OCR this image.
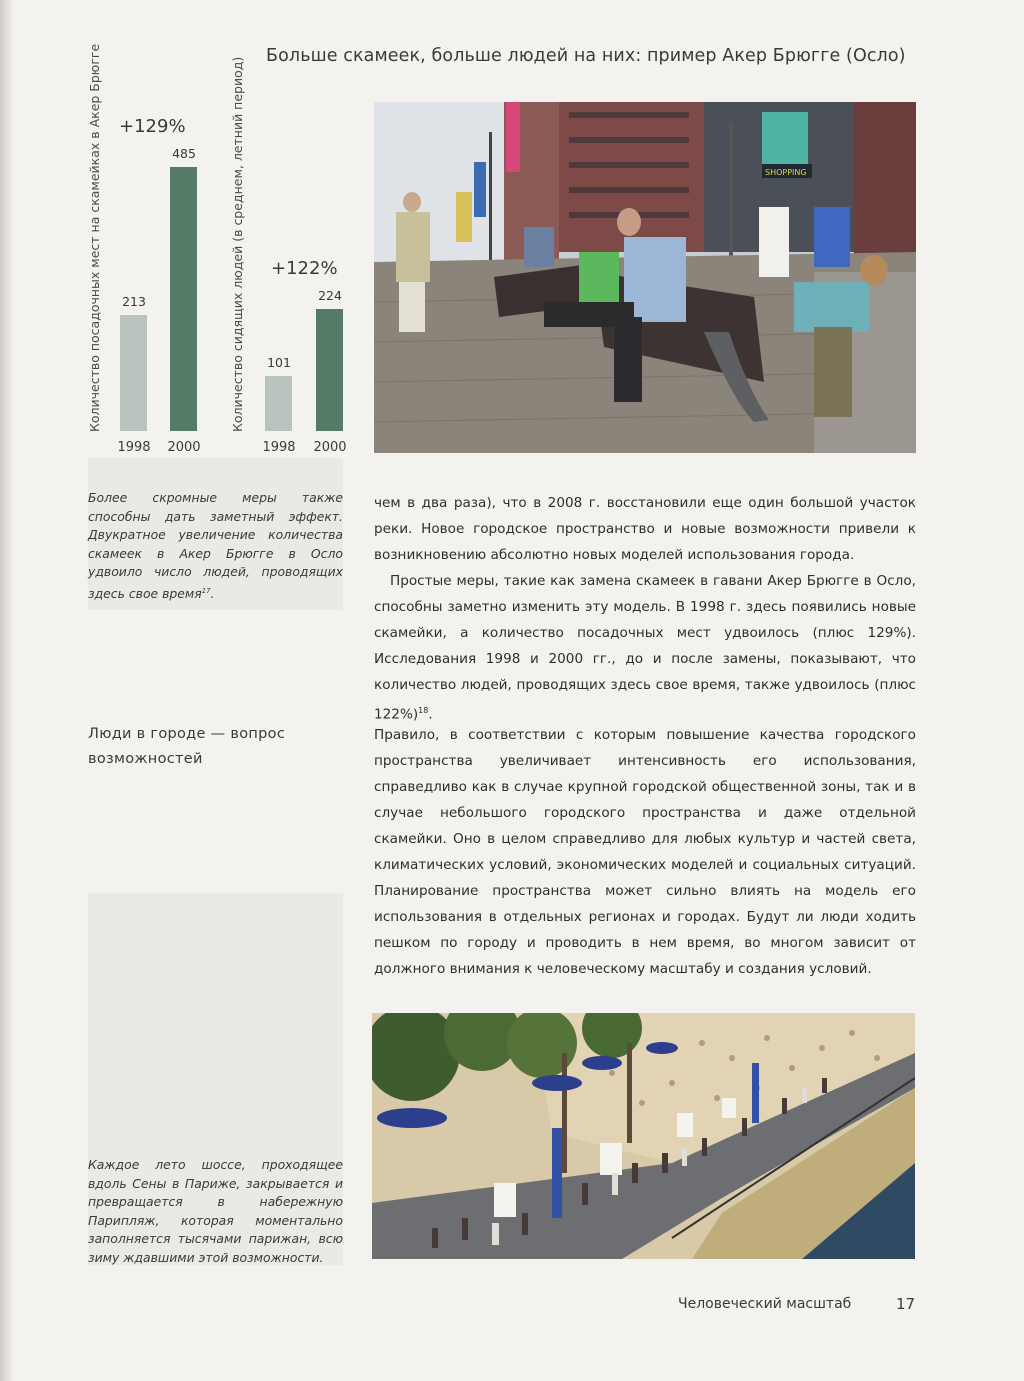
Больше скамеек, больше людей на них: пример Акер Брюгге (Осло)
Количество посадочных мест на скамейках в Акер Брюгге +129%
213
485
1998	2000
Количество сидящих людей (в среднем, летний период) +122%
101
224
1998	2000
SHOPPING
Более скромные меры также способны дать заметный эффект. Двукратное увеличение количества скамеек в Акер Брюгге в Осло удвоило число людей, проводящих здесь свое время$^{17}$.

чем в два раза), что в 2008 г. восстановили еще один большой участок реки. Новое городское пространство и новые возможности привели к возникновению абсолютно новых моделей использования города.

Простые меры, такие как замена скамеек в гавани Акер Брюгге в Осло, способны заметно изменить эту модель. В 1998 г. здесь появились новые скамейки, а количество посадочных мест удвоилось (плюс 129%). Исследования 1998 и 2000 гг., до и после замены, показывают, что количество людей, проводящих здесь свое время, также удвоилось (плюс 122%)$^{18}$.

Люди в городе — вопрос возможностей

Правило, в соответствии с которым повышение качества городского пространства увеличивает интенсивность его использования, справедливо как в случае крупной городской общественной зоны, так и в случае небольшого городского пространства и даже отдельной скамейки. Оно в целом справедливо для любых культур и частей света, климатических условий, экономических моделей и социальных ситуаций. Планирование пространства может сильно влиять на модель его использования в отдельных регионах и городах. Будут ли люди ходить пешком по городу и проводить в нем время, во многом зависит от должного внимания к человеческому масштабу и создания условий.

Каждое лето шоссе, проходящее вдоль Сены в Париже, закрывается и превращается в набережную Парипляж, которая моментально заполняется тысячами парижан, всю зиму ждавшими этой возможности.
Человеческий масштаб	17
